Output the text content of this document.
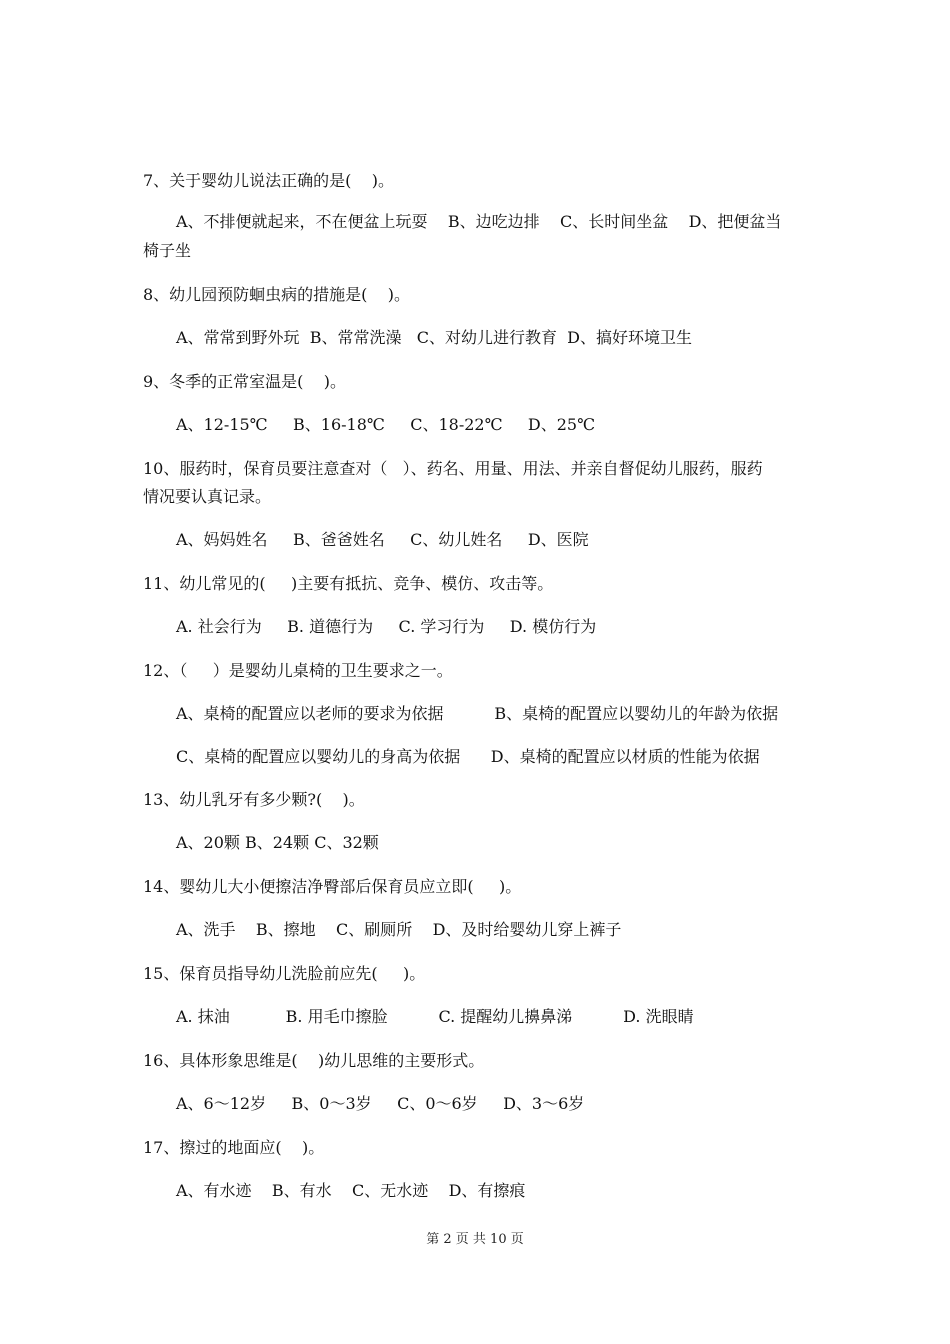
7、关于婴幼儿说法正确的是(    )。
A、不排便就起来，不在便盆上玩耍    B、边吃边排    C、长时间坐盆    D、把便盆当
椅子坐
8、幼儿园预防蛔虫病的措施是(    )。
A、常常到野外玩  B、常常洗澡   C、对幼儿进行教育  D、搞好环境卫生
9、冬季的正常室温是(    )。
A、12-15℃     B、16-18℃     C、18-22℃     D、25℃
10、服药时，保育员要注意查对（   ）、药名、用量、用法、并亲自督促幼儿服药，服药
情况要认真记录。
A、妈妈姓名     B、爸爸姓名     C、幼儿姓名     D、医院
11、幼儿常见的(     )主要有抵抗、竞争、模仿、攻击等。
A. 社会行为     B. 道德行为     C. 学习行为     D. 模仿行为
12、（     ）是婴幼儿桌椅的卫生要求之一。
A、桌椅的配置应以老师的要求为依据          B、桌椅的配置应以婴幼儿的年龄为依据
C、桌椅的配置应以婴幼儿的身高为依据      D、桌椅的配置应以材质的性能为依据
13、幼儿乳牙有多少颗?(    )。
A、20颗 B、24颗 C、32颗
14、婴幼儿大小便擦洁净臀部后保育员应立即(     )。
A、洗手    B、擦地    C、刷厕所    D、及时给婴幼儿穿上裤子
15、保育员指导幼儿洗脸前应先(     )。
A. 抹油           B. 用毛巾擦脸          C. 提醒幼儿擤鼻涕          D. 洗眼睛
16、具体形象思维是(    )幼儿思维的主要形式。
A、6～12岁     B、0～3岁     C、0～6岁     D、3～6岁
17、擦过的地面应(    )。
A、有水迹    B、有水    C、无水迹    D、有擦痕
第 2 页 共 10 页
